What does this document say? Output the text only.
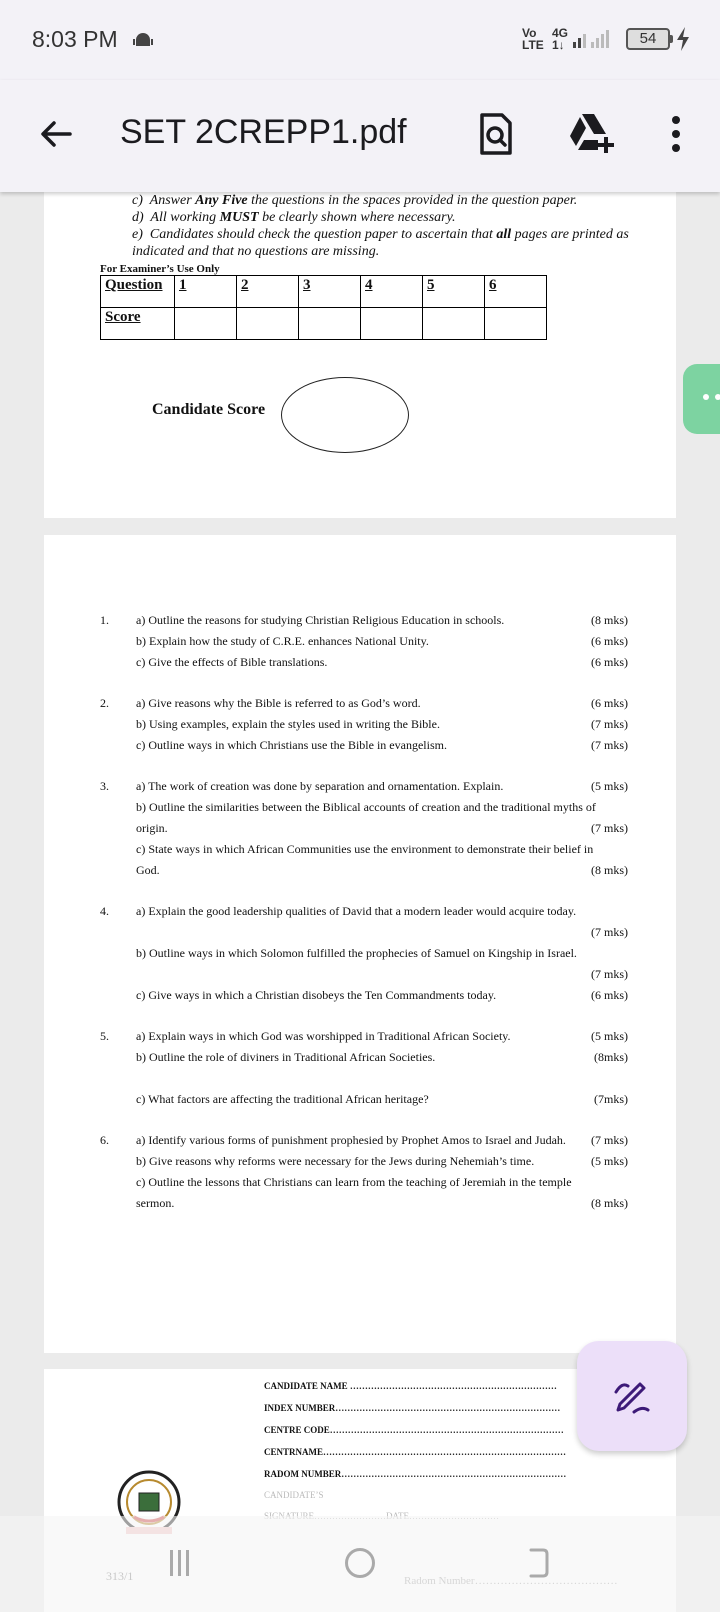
8:03 PM	Vo
LTE
4G
1↓	54
SET 2CREPP1.pdf
c) Answer Any Five the questions in the spaces provided in the question paper.
d) All working MUST be clearly shown where necessary.
e) Candidates should check the question paper to ascertain that all pages are printed as indicated and that no questions are missing.
For Examiner’s Use Only
Question	1	2	3	4	5	6
Score						
Candidate Score
1. a) Outline the reasons for studying Christian Religious Education in schools.	(8 mks)
b) Explain how the study of C.R.E. enhances National Unity.	(6 mks)
c) Give the effects of Bible translations.	(6 mks)
2. a) Give reasons why the Bible is referred to as God’s word.	(6 mks)
b) Using examples, explain the styles used in writing the Bible.	(7 mks)
c) Outline ways in which Christians use the Bible in evangelism.	(7 mks)
3. a) The work of creation was done by separation and ornamentation. Explain.	(5 mks)
b) Outline the similarities between the Biblical accounts of creation and the traditional myths of
origin.	(7 mks)
c) State ways in which African Communities use the environment to demonstrate their belief in
God.	(8 mks)
4. a) Explain the good leadership qualities of David that a modern leader would acquire today.
(7 mks)
b) Outline ways in which Solomon fulfilled the prophecies of Samuel on Kingship in Israel.
(7 mks)
c) Give ways in which a Christian disobeys the Ten Commandments today.	(6 mks)
5. a) Explain ways in which God was worshipped in Traditional African Society.	(5 mks)
b) Outline the role of diviners in Traditional African Societies.	(8mks)
c) What factors are affecting the traditional African heritage?	(7mks)
6. a) Identify various forms of punishment prophesied by Prophet Amos to Israel and Judah. (7 mks)
b) Give reasons why reforms were necessary for the Jews during Nehemiah’s time.	(5 mks)
c) Outline the lessons that Christians can learn from the teaching of Jeremiah in the temple
sermon.	(8 mks)
CANDIDATE NAME ……………………………………………………………
INDEX NUMBER…………………………………………………………………
CENTRE CODE……………………………………………………………………
CENTRNAME………………………………………………………………………
RADOM NUMBER…………………………………………………………………
CANDIDATE’S
